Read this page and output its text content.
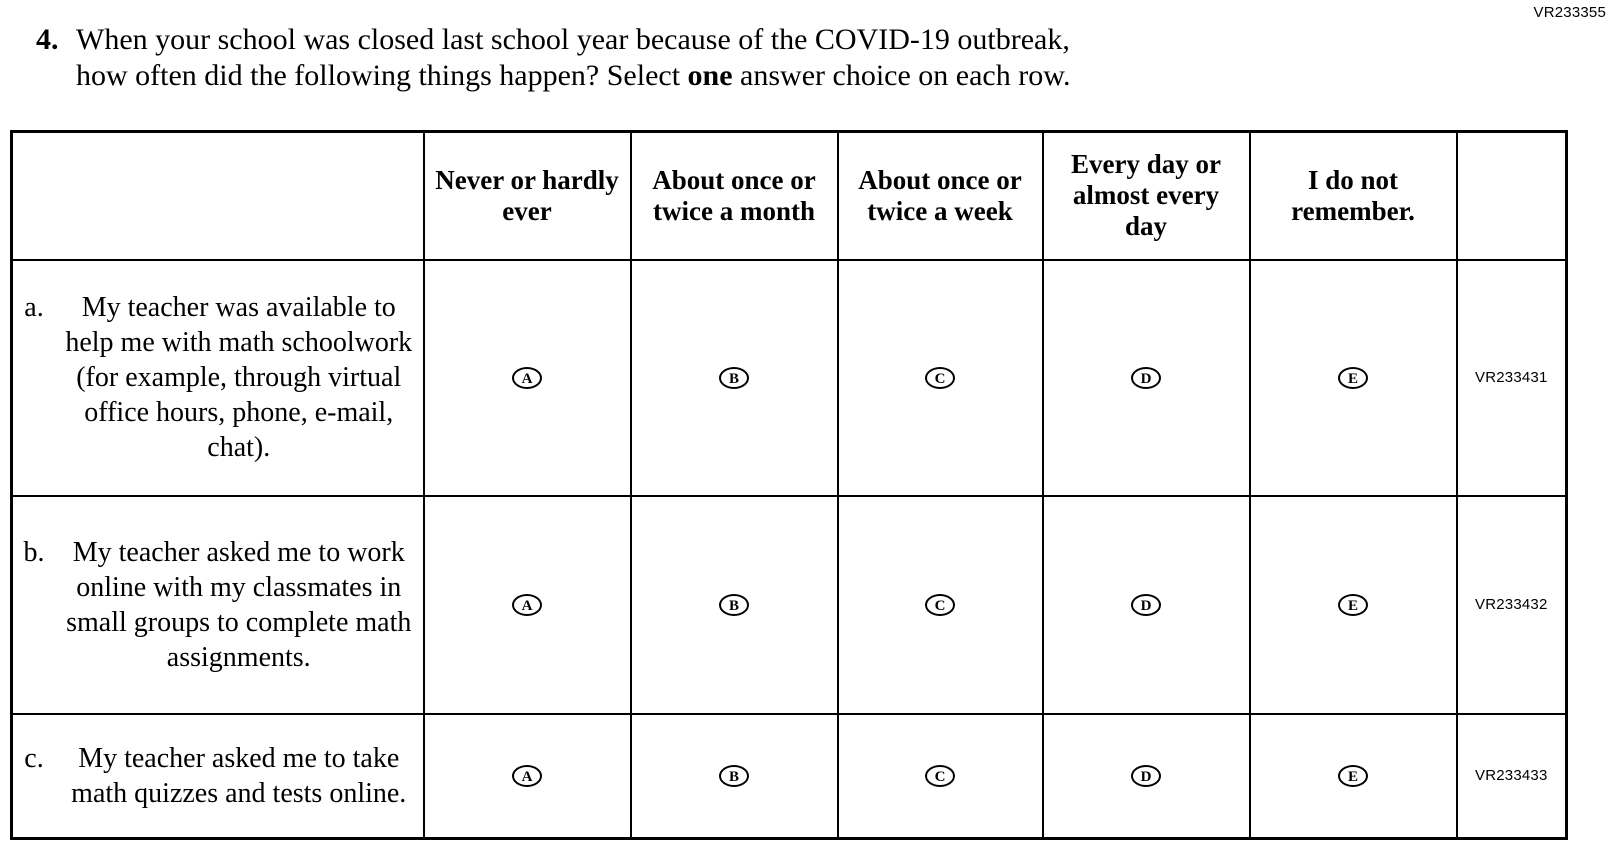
VR233355
4. When your school was closed last school year because of the COVID-19 outbreak,
how often did the following things happen? Select one answer choice on each row.
	Never or hardly ever	About once or twice a month	About once or twice a week	Every day or almost every day	I do not remember.	

a. My teacher was available to help me with math schoolwork (for example, through virtual office hours, phone, e-mail, chat).	A	B	C	D	E	VR233431

b. My teacher asked me to work online with my classmates in small groups to complete math assignments.	A	B	C	D	E	VR233432

c. My teacher asked me to take math quizzes and tests online.	A	B	C	D	E	VR233433
